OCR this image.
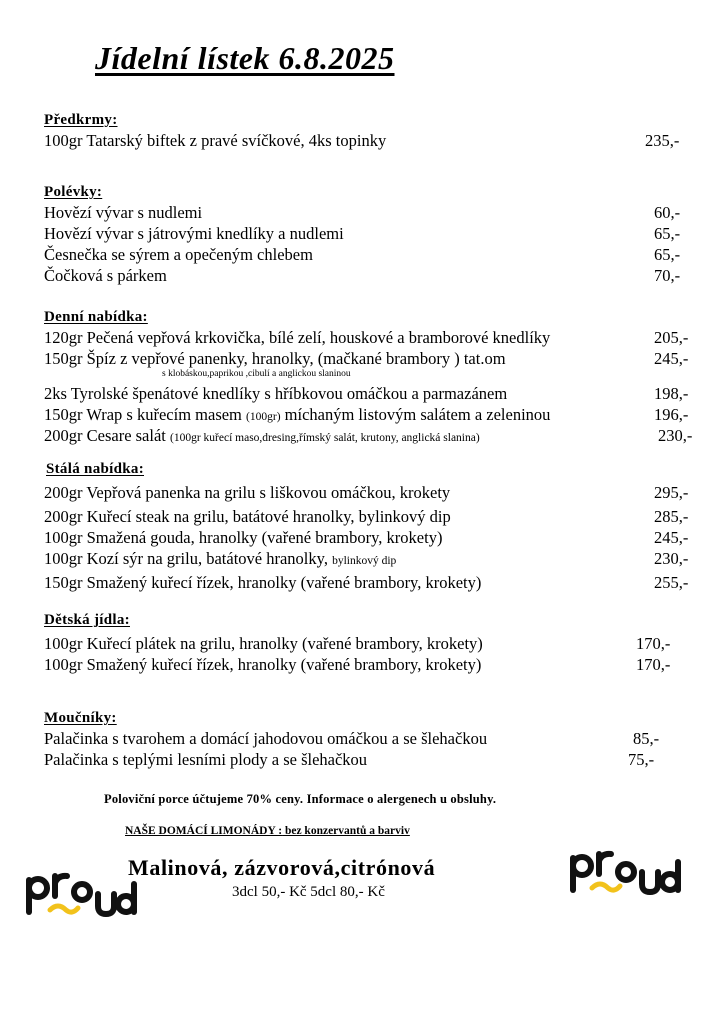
Jídelní lístek 6.8.2025
Předkrmy:
100gr Tatarský biftek z pravé svíčkové, 4ks topinky	235,-
Polévky:
Hovězí vývar s nudlemi	60,-
Hovězí vývar s játrovými knedlíky a nudlemi	65,-
Česnečka se sýrem a opečeným chlebem	65,-
Čočková s párkem	70,-
Denní nabídka:
120gr Pečená vepřová krkovička, bílé zelí, houskové a bramborové knedlíky	205,-
150gr Špíz z vepřové panenky, hranolky, (mačkané brambory ) tat.om	245,-
s klobáskou,paprikou ,cibulí a anglickou slaninou
2ks Tyrolské špenátové knedlíky s hříbkovou omáčkou a parmazánem	198,-
150gr Wrap s kuřecím masem (100gr) míchaným listovým salátem a zeleninou	196,-
200gr Cesare salát (100gr kuřecí maso,dresing,římský salát, krutony, anglická slanina)	230,-
Stálá nabídka:
200gr Vepřová panenka na grilu s liškovou omáčkou, krokety	295,-
200gr Kuřecí steak na grilu, batátové hranolky, bylinkový dip	285,-
100gr Smažená gouda, hranolky (vařené brambory, krokety)	245,-
100gr Kozí sýr na grilu, batátové hranolky, bylinkový dip	230,-
150gr Smažený kuřecí řízek, hranolky (vařené brambory, krokety)	255,-
Dětská jídla:
100gr Kuřecí plátek na grilu, hranolky (vařené brambory, krokety)	170,-
100gr Smažený kuřecí řízek, hranolky (vařené brambory, krokety)	170,-
Moučníky:
Palačinka s tvarohem a domácí jahodovou omáčkou a se šlehačkou	85,-
Palačinka s teplými lesními plody a se šlehačkou	75,-
Poloviční porce účtujeme 70% ceny. Informace o alergenech u obsluhy.
NAŠE DOMÁCÍ LIMONÁDY : bez konzervantů a barviv
Malinová, zázvorová,citrónová
3dcl 50,- Kč 5dcl 80,- Kč
